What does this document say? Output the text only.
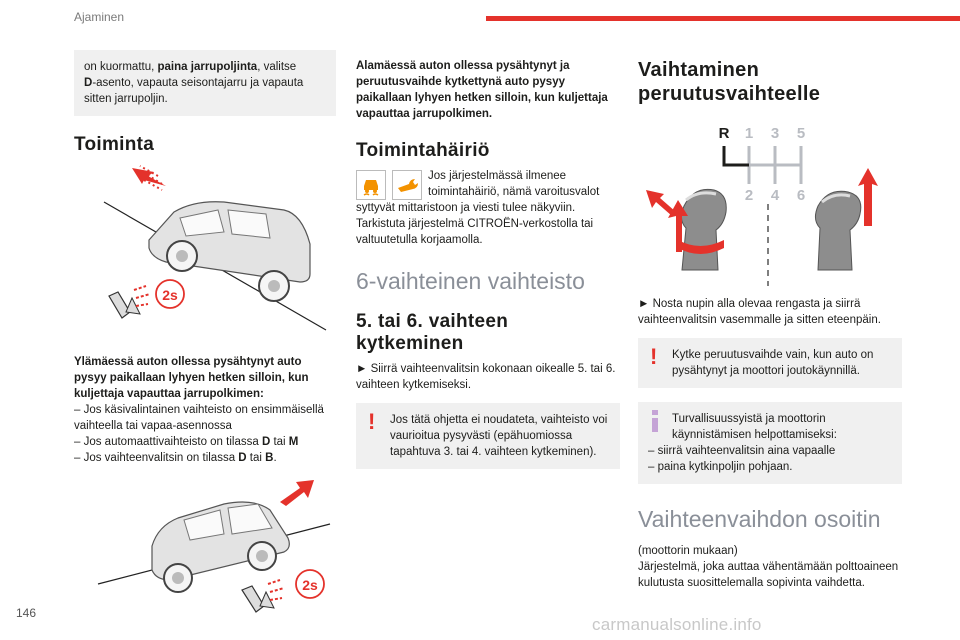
Ajaminen
on kuormattu, paina jarrupoljinta, valitse
D-asento, vapauta seisontajarru ja vapauta sitten jarrupoljin.
Toiminta
2s

Ylämäessä auton ollessa pysähtynyt auto pysyy paikallaan lyhyen hetken silloin, kun kuljettaja vapauttaa jarrupolkimen:

– Jos käsivalintainen vaihteisto on ensimmäisellä vaihteella tai vapaa-asennossa
– Jos automaattivaihteisto on tilassa D tai M
– Jos vaihteenvalitsin on tilassa D tai B.
2s

Alamäessä auton ollessa pysähtynyt ja peruutusvaihde kytkettynä auto pysyy paikallaan lyhyen hetken silloin, kun kuljettaja vapauttaa jarrupolkimen.

Toimintahäiriö
Jos järjestelmässä ilmenee toimintahäiriö, nämä varoitusvalot syttyvät mittaristoon ja viesti tulee näkyviin. Tarkistuta järjestelmä CITROËN-verkostolla tai valtuutetulla korjaamolla.
6-vaihteinen vaihteisto
5. tai 6. vaihteen kytkeminen

► Siirrä vaihteenvalitsin kokonaan oikealle 5. tai 6. vaihteen kytkemiseksi.

! Jos tätä ohjetta ei noudateta, vaihteisto voi vaurioitua pysyvästi (epähuomiossa tapahtuva 3. tai 4. vaihteen kytkeminen).
Vaihtaminen
peruutusvaihteelle
R 1 3 5
2 4 6

► Nosta nupin alla olevaa rengasta ja siirrä vaihteenvalitsin vasemmalle ja sitten eteenpäin.

! Kytke peruutusvaihde vain, kun auto on pysähtynyt ja moottori joutokäynnillä.
Turvallisuussyistä ja moottorin käynnistämisen helpottamiseksi:
– siirrä vaihteenvalitsin aina vapaalle
– paina kytkinpoljin pohjaan.
Vaihteenvaihdon osoitin

(moottorin mukaan)

Järjestelmä, joka auttaa vähentämään polttoaineen kulutusta suosittelemalla sopivinta vaihdetta.

146
carmanualsonline.info
